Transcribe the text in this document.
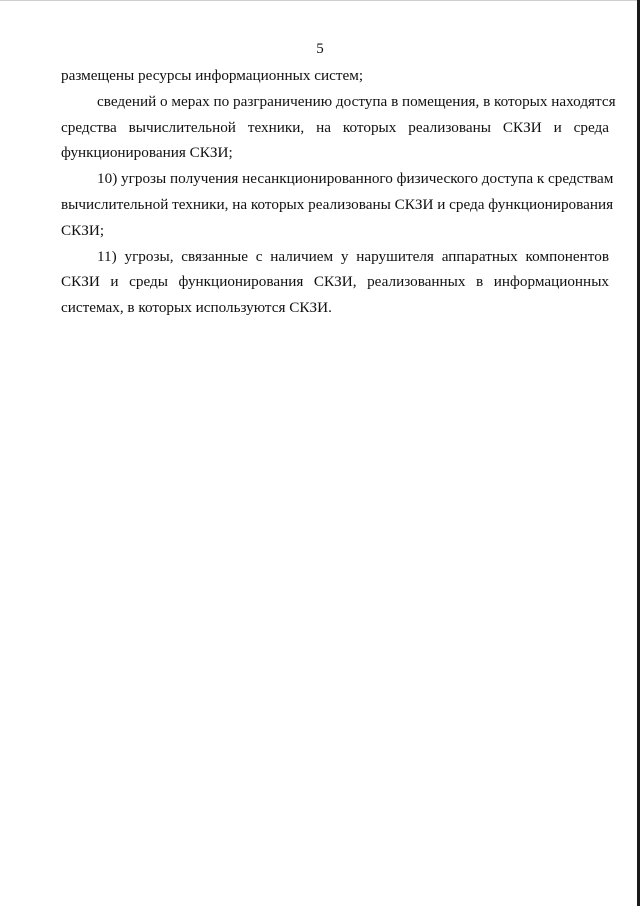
5
размещены ресурсы информационных систем;
сведений о мерах по разграничению доступа в помещения, в которых находятся
средства вычислительной техники, на которых реализованы СКЗИ и среда
функционирования СКЗИ;
10) угрозы получения несанкционированного физического доступа к средствам
вычислительной техники, на которых реализованы СКЗИ и среда функционирования
СКЗИ;
11) угрозы, связанные с наличием у нарушителя аппаратных компонентов
СКЗИ и среды функционирования СКЗИ, реализованных в информационных
системах, в которых используются СКЗИ.
